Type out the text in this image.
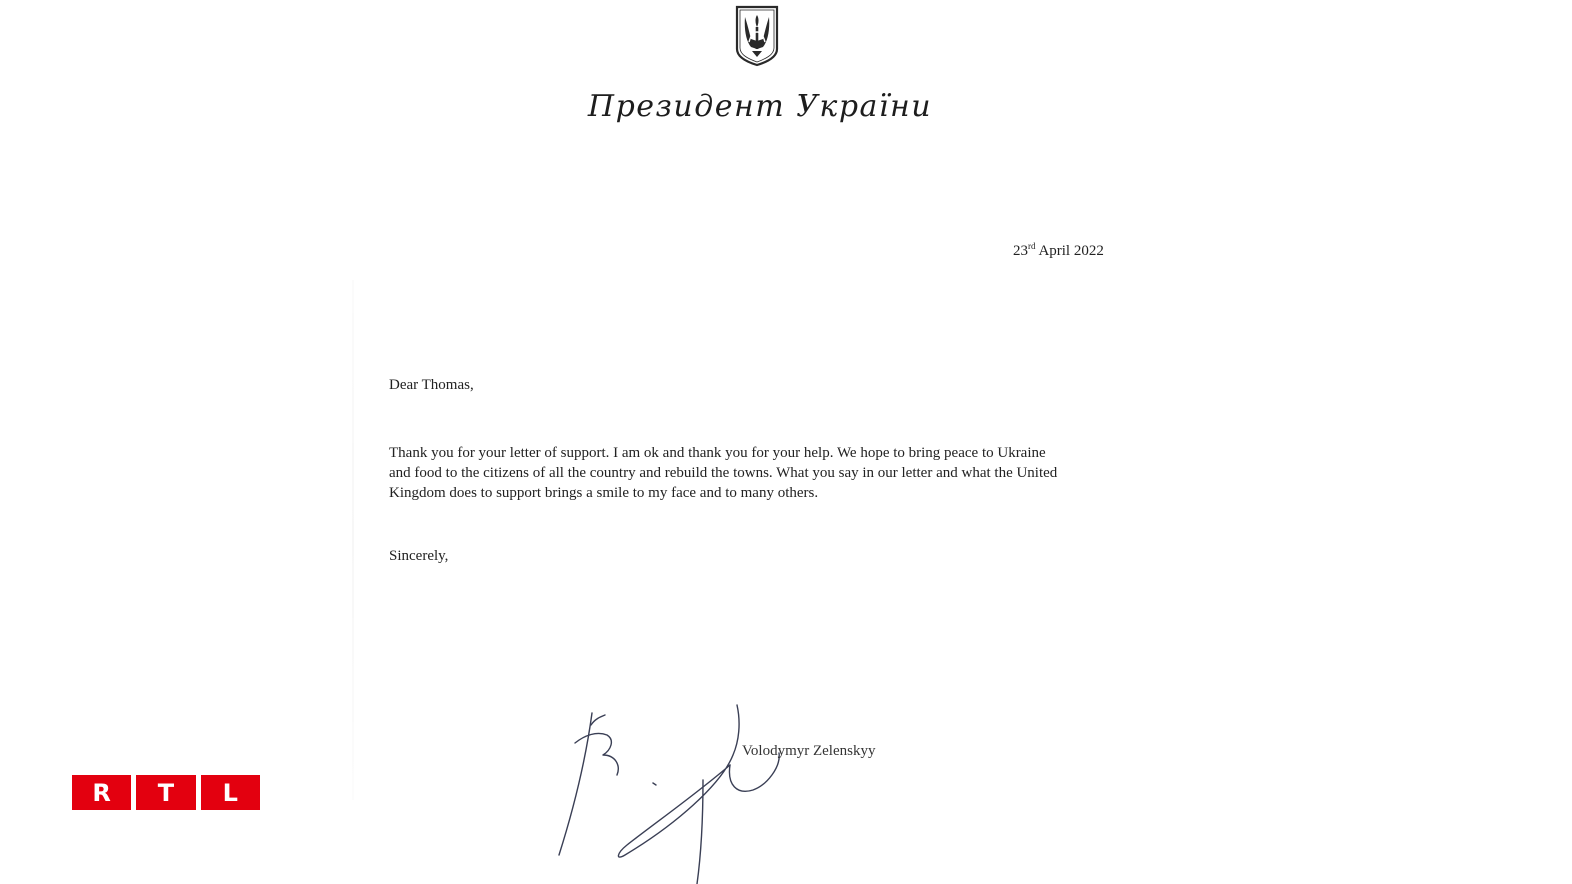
Президент України
23rd April 2022
Dear Thomas,
Thank you for your letter of support. I am ok and thank you for your help. We hope to bring peace to Ukraine
and food to the citizens of all the country and rebuild the towns. What you say in our letter and what the United
Kingdom does to support brings a smile to my face and to many others.
Sincerely,
Volodymyr Zelenskyy
R	T	L
